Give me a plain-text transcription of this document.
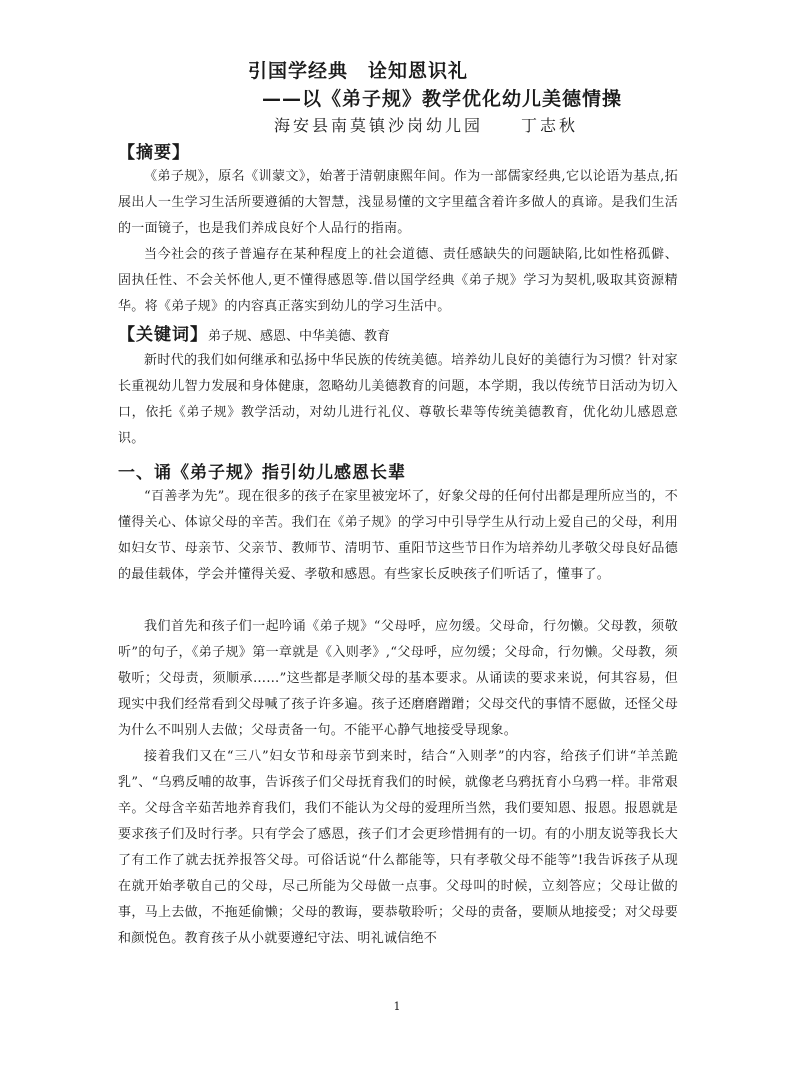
引国学经典　诠知恩识礼
——以《弟子规》教学优化幼儿美德情操
海安县南莫镇沙岗幼儿园　　丁志秋
【摘要】

《弟子规》，原名《训蒙文》，始著于清朝康熙年间。作为一部儒家经典,它以论语为基点,拓展出人一生学习生活所要遵循的大智慧，浅显易懂的文字里蕴含着许多做人的真谛。是我们生活的一面镜子，也是我们养成良好个人品行的指南。

当今社会的孩子普遍存在某种程度上的社会道德、责任感缺失的问题缺陷,比如性格孤僻、固执任性、不会关怀他人,更不懂得感恩等.借以国学经典《弟子规》学习为契机,吸取其资源精华。将《弟子规》的内容真正落实到幼儿的学习生活中。

【关键词】弟子规、感恩、中华美德、教育

新时代的我们如何继承和弘扬中华民族的传统美德。培养幼儿良好的美德行为习惯？针对家长重视幼儿智力发展和身体健康，忽略幼儿美德教育的问题，本学期，我以传统节日活动为切入口，依托《弟子规》教学活动，对幼儿进行礼仪、尊敬长辈等传统美德教育，优化幼儿感恩意识。

一、诵《弟子规》指引幼儿感恩长辈

“百善孝为先”。现在很多的孩子在家里被宠坏了，好象父母的任何付出都是理所应当的，不懂得关心、体谅父母的辛苦。我们在《弟子规》的学习中引导学生从行动上爱自己的父母，利用如妇女节、母亲节、父亲节、教师节、清明节、重阳节这些节日作为培养幼儿孝敬父母良好品德的最佳载体，学会并懂得关爱、孝敬和感恩。有些家长反映孩子们听话了，懂事了。

我们首先和孩子们一起吟诵《弟子规》“父母呼，应勿缓。父母命，行勿懒。父母教，须敬听”的句子，《弟子规》第一章就是《入则孝》,“父母呼，应勿缓；父母命，行勿懒。父母教，须敬听；父母责，须顺承……”这些都是孝顺父母的基本要求。从诵读的要求来说，何其容易，但现实中我们经常看到父母喊了孩子许多遍。孩子还磨磨蹭蹭；父母交代的事情不愿做，还怪父母为什么不叫别人去做；父母责备一句。不能平心静气地接受导现象。

接着我们又在“三八”妇女节和母亲节到来时，结合“入则孝”的内容，给孩子们讲“羊羔跪乳”、“乌鸦反哺的故事，告诉孩子们父母抚育我们的时候，就像老乌鸦抚育小乌鸦一样。非常艰辛。父母含辛茹苦地养育我们，我们不能认为父母的爱理所当然，我们要知恩、报恩。报恩就是要求孩子们及时行孝。只有学会了感恩，孩子们才会更珍惜拥有的一切。有的小朋友说等我长大了有工作了就去抚养报答父母。可俗话说“什么都能等，只有孝敬父母不能等”!我告诉孩子从现在就开始孝敬自己的父母，尽己所能为父母做一点事。父母叫的时候，立刻答应；父母让做的事，马上去做，不拖延偷懒；父母的教诲，要恭敬聆听；父母的责备，要顺从地接受；对父母要和颜悦色。教育孩子从小就要遵纪守法、明礼诚信绝不

1
